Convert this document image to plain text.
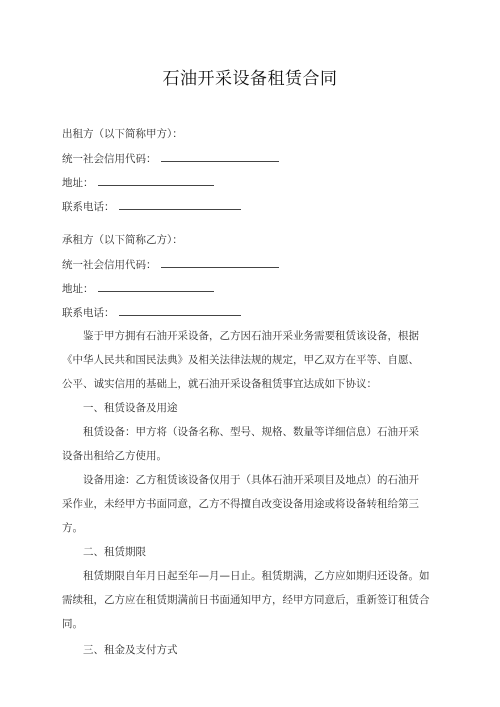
石油开采设备租赁合同
出租方（以下简称甲方）：
统一社会信用代码：
地址：
联系电话：
承租方（以下简称乙方）：
统一社会信用代码：
地址：
联系电话：
鉴于甲方拥有石油开采设备，乙方因石油开采业务需要租赁该设备，根据
《中华人民共和国民法典》及相关法律法规的规定，甲乙双方在平等、自愿、
公平、诚实信用的基础上，就石油开采设备租赁事宜达成如下协议：
一、租赁设备及用途
租赁设备：甲方将（设备名称、型号、规格、数量等详细信息）石油开采
设备出租给乙方使用。
设备用途：乙方租赁该设备仅用于（具体石油开采项目及地点）的石油开
采作业，未经甲方书面同意，乙方不得擅自改变设备用途或将设备转租给第三
方。
二、租赁期限
租赁期限自年月日起至年—月—日止。租赁期满，乙方应如期归还设备。如
需续租，乙方应在租赁期满前日书面通知甲方，经甲方同意后，重新签订租赁合
同。
三、租金及支付方式
